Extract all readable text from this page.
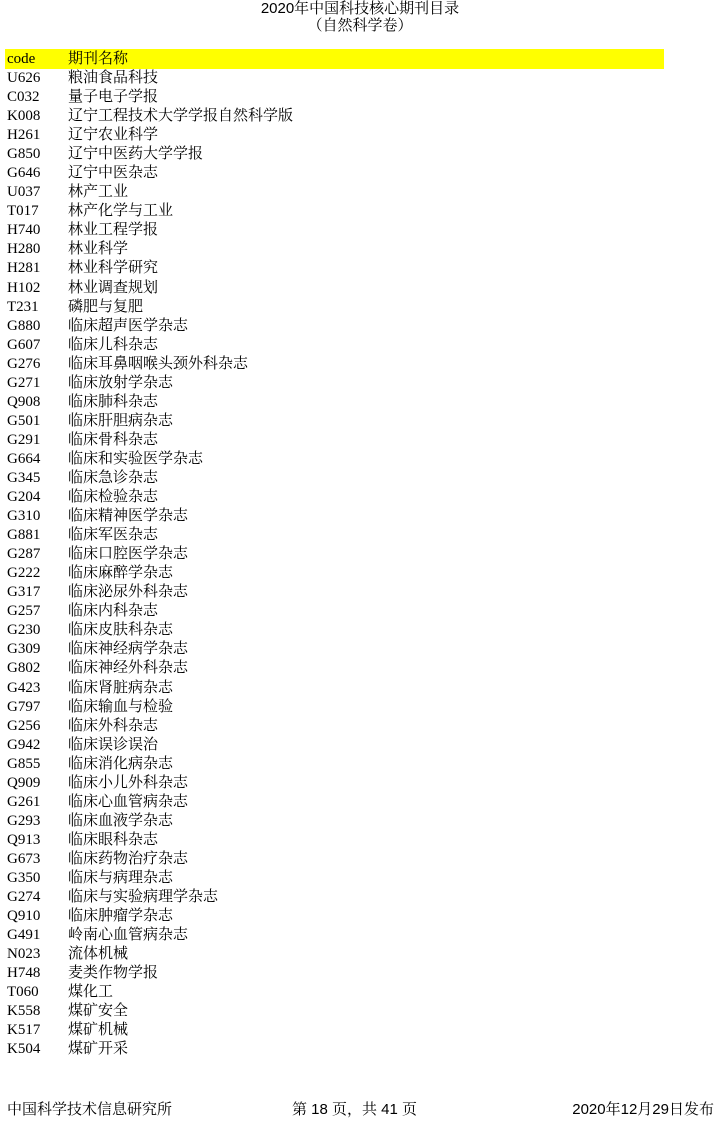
2020年中国科技核心期刊目录
（自然科学卷）
code	期刊名称
U626	粮油食品科技
C032	量子电子学报
K008	辽宁工程技术大学学报自然科学版
H261	辽宁农业科学
G850	辽宁中医药大学学报
G646	辽宁中医杂志
U037	林产工业
T017	林产化学与工业
H740	林业工程学报
H280	林业科学
H281	林业科学研究
H102	林业调查规划
T231	磷肥与复肥
G880	临床超声医学杂志
G607	临床儿科杂志
G276	临床耳鼻咽喉头颈外科杂志
G271	临床放射学杂志
Q908	临床肺科杂志
G501	临床肝胆病杂志
G291	临床骨科杂志
G664	临床和实验医学杂志
G345	临床急诊杂志
G204	临床检验杂志
G310	临床精神医学杂志
G881	临床军医杂志
G287	临床口腔医学杂志
G222	临床麻醉学杂志
G317	临床泌尿外科杂志
G257	临床内科杂志
G230	临床皮肤科杂志
G309	临床神经病学杂志
G802	临床神经外科杂志
G423	临床肾脏病杂志
G797	临床输血与检验
G256	临床外科杂志
G942	临床误诊误治
G855	临床消化病杂志
Q909	临床小儿外科杂志
G261	临床心血管病杂志
G293	临床血液学杂志
Q913	临床眼科杂志
G673	临床药物治疗杂志
G350	临床与病理杂志
G274	临床与实验病理学杂志
Q910	临床肿瘤学杂志
G491	岭南心血管病杂志
N023	流体机械
H748	麦类作物学报
T060	煤化工
K558	煤矿安全
K517	煤矿机械
K504	煤矿开采
中国科学技术信息研究所	第 18 页，共 41 页	2020年12月29日发布
